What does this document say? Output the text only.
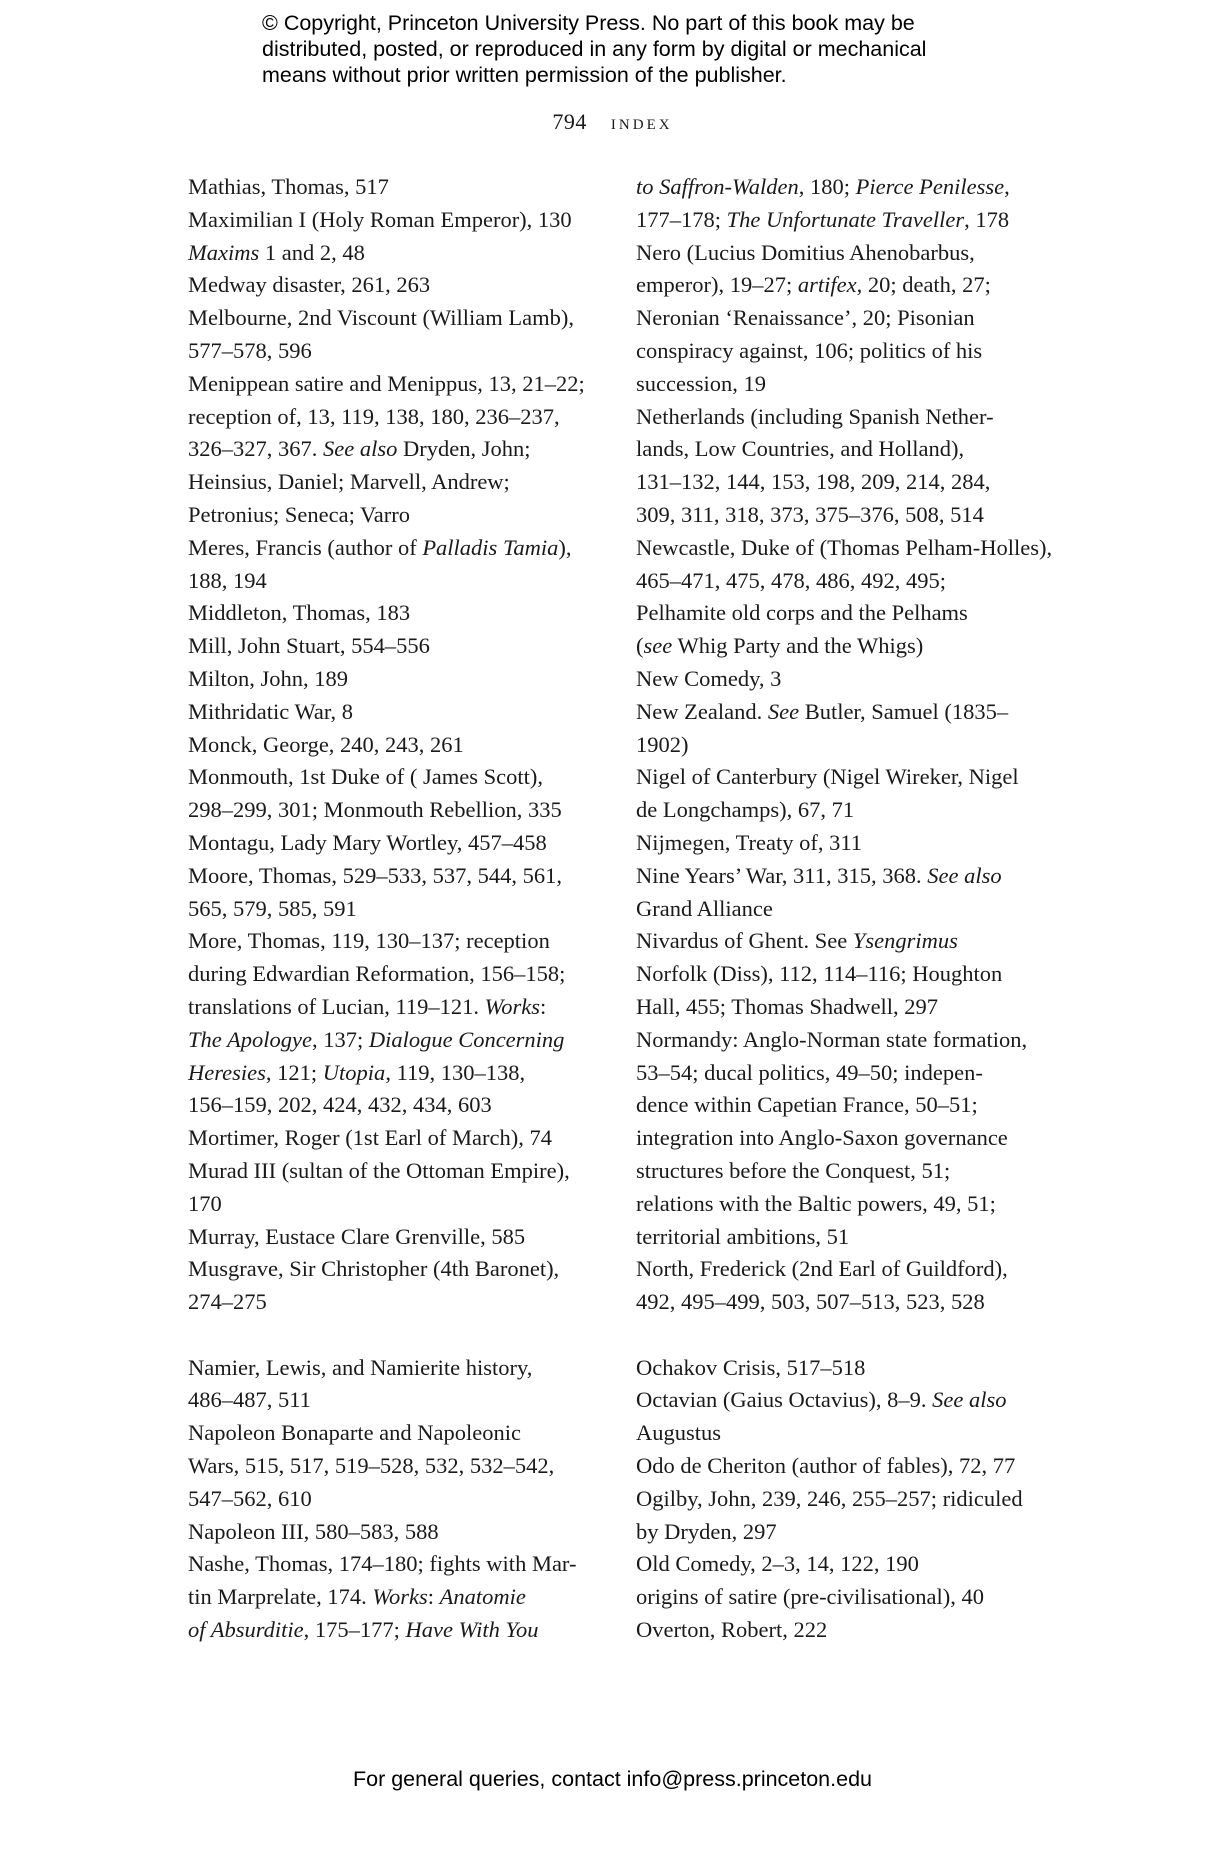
© Copyright, Princeton University Press. No part of this book may be
distributed, posted, or reproduced in any form by digital or mechanical
means without prior written permission of the publisher.
794 index
Mathias, Thomas, 517
Maximilian I (Holy Roman Emperor), 130
Maxims 1 and 2, 48
Medway disaster, 261, 263
Melbourne, 2nd Viscount (William Lamb),
577–578, 596
Menippean satire and Menippus, 13, 21–22;
reception of, 13, 119, 138, 180, 236–237,
326–327, 367. See also Dryden, John;
Heinsius, Daniel; Marvell, Andrew;
Petronius; Seneca; Varro
Meres, Francis (author of Palladis Tamia),
188, 194
Middleton, Thomas, 183
Mill, John Stuart, 554–556
Milton, John, 189
Mithridatic War, 8
Monck, George, 240, 243, 261
Monmouth, 1st Duke of ( James Scott),
298–299, 301; Monmouth Rebellion, 335
Montagu, Lady Mary Wortley, 457–458
Moore, Thomas, 529–533, 537, 544, 561,
565, 579, 585, 591
More, Thomas, 119, 130–137; reception
during Edwardian Reformation, 156–158;
translations of Lucian, 119–121. Works:
The Apologye, 137; Dialogue Concerning
Heresies, 121; Utopia, 119, 130–138,
156–159, 202, 424, 432, 434, 603
Mortimer, Roger (1st Earl of March), 74
Murad III (sultan of the Ottoman Empire),
170
Murray, Eustace Clare Grenville, 585
Musgrave, Sir Christopher (4th Baronet),
274–275
Namier, Lewis, and Namierite history,
486–487, 511
Napoleon Bonaparte and Napoleonic
Wars, 515, 517, 519–528, 532, 532–542,
547–562, 610
Napoleon III, 580–583, 588
Nashe, Thomas, 174–180; fights with Mar-
tin Marprelate, 174. Works: Anatomie
of Absurditie, 175–177; Have With You
to Saffron-Walden, 180; Pierce Penilesse,
177–178; The Unfortunate Traveller, 178
Nero (Lucius Domitius Ahenobarbus,
emperor), 19–27; artifex, 20; death, 27;
Neronian ‘Renaissance’, 20; Pisonian
conspiracy against, 106; politics of his
succession, 19
Netherlands (including Spanish Nether-
lands, Low Countries, and Holland),
131–132, 144, 153, 198, 209, 214, 284,
309, 311, 318, 373, 375–376, 508, 514
Newcastle, Duke of (Thomas Pelham-Holles),
465–471, 475, 478, 486, 492, 495;
Pelhamite old corps and the Pelhams
(see Whig Party and the Whigs)
New Comedy, 3
New Zealand. See Butler, Samuel (1835–
1902)
Nigel of Canterbury (Nigel Wireker, Nigel
de Longchamps), 67, 71
Nijmegen, Treaty of, 311
Nine Years’ War, 311, 315, 368. See also
Grand Alliance
Nivardus of Ghent. See Ysengrimus
Norfolk (Diss), 112, 114–116; Houghton
Hall, 455; Thomas Shadwell, 297
Normandy: Anglo-Norman state formation,
53–54; ducal politics, 49–50; indepen-
dence within Capetian France, 50–51;
integration into Anglo-Saxon governance
structures before the Conquest, 51;
relations with the Baltic powers, 49, 51;
territorial ambitions, 51
North, Frederick (2nd Earl of Guildford),
492, 495–499, 503, 507–513, 523, 528
Ochakov Crisis, 517–518
Octavian (Gaius Octavius), 8–9. See also
Augustus
Odo de Cheriton (author of fables), 72, 77
Ogilby, John, 239, 246, 255–257; ridiculed
by Dryden, 297
Old Comedy, 2–3, 14, 122, 190
origins of satire (pre-civilisational), 40
Overton, Robert, 222
For general queries, contact info@press.princeton.edu
